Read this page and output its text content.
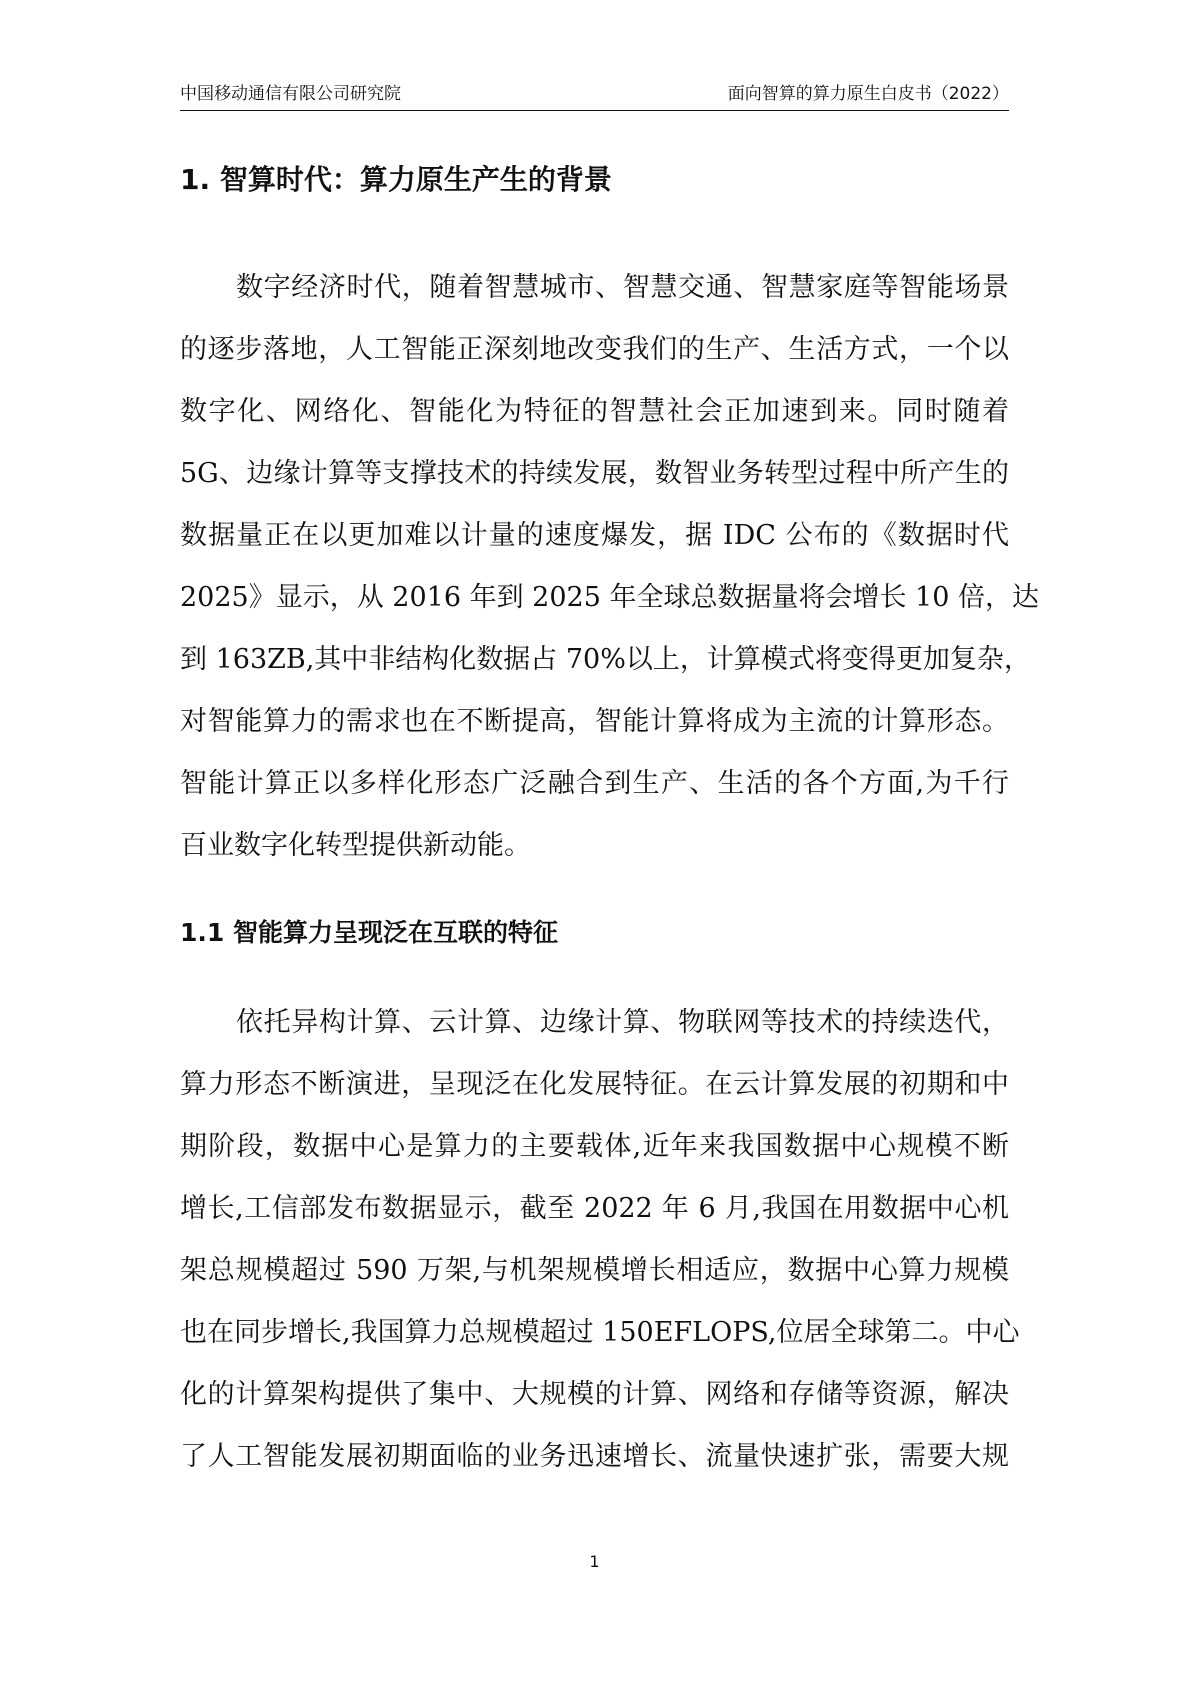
中国移动通信有限公司研究院	面向智算的算力原生白皮书（2022）
1. 智算时代：算力原生产生的背景
数字经济时代，随着智慧城市、智慧交通、智慧家庭等智能场景
的逐步落地，人工智能正深刻地改变我们的生产、生活方式，一个以
数字化、网络化、智能化为特征的智慧社会正加速到来。同时随着
5G、边缘计算等支撑技术的持续发展，数智业务转型过程中所产生的
数据量正在以更加难以计量的速度爆发，据 IDC 公布的《数据时代
2025》显示，从 2016 年到 2025 年全球总数据量将会增长 10 倍，达
到 163ZB,其中非结构化数据占 70%以上，计算模式将变得更加复杂，
对智能算力的需求也在不断提高，智能计算将成为主流的计算形态。
智能计算正以多样化形态广泛融合到生产、生活的各个方面,为千行
百业数字化转型提供新动能。
1.1 智能算力呈现泛在互联的特征
依托异构计算、云计算、边缘计算、物联网等技术的持续迭代，
算力形态不断演进，呈现泛在化发展特征。在云计算发展的初期和中
期阶段，数据中心是算力的主要载体,近年来我国数据中心规模不断
增长,工信部发布数据显示，截至 2022 年 6 月,我国在用数据中心机
架总规模超过 590 万架,与机架规模增长相适应，数据中心算力规模
也在同步增长,我国算力总规模超过 150EFLOPS,位居全球第二。中心
化的计算架构提供了集中、大规模的计算、网络和存储等资源，解决
了人工智能发展初期面临的业务迅速增长、流量快速扩张，需要大规
1
